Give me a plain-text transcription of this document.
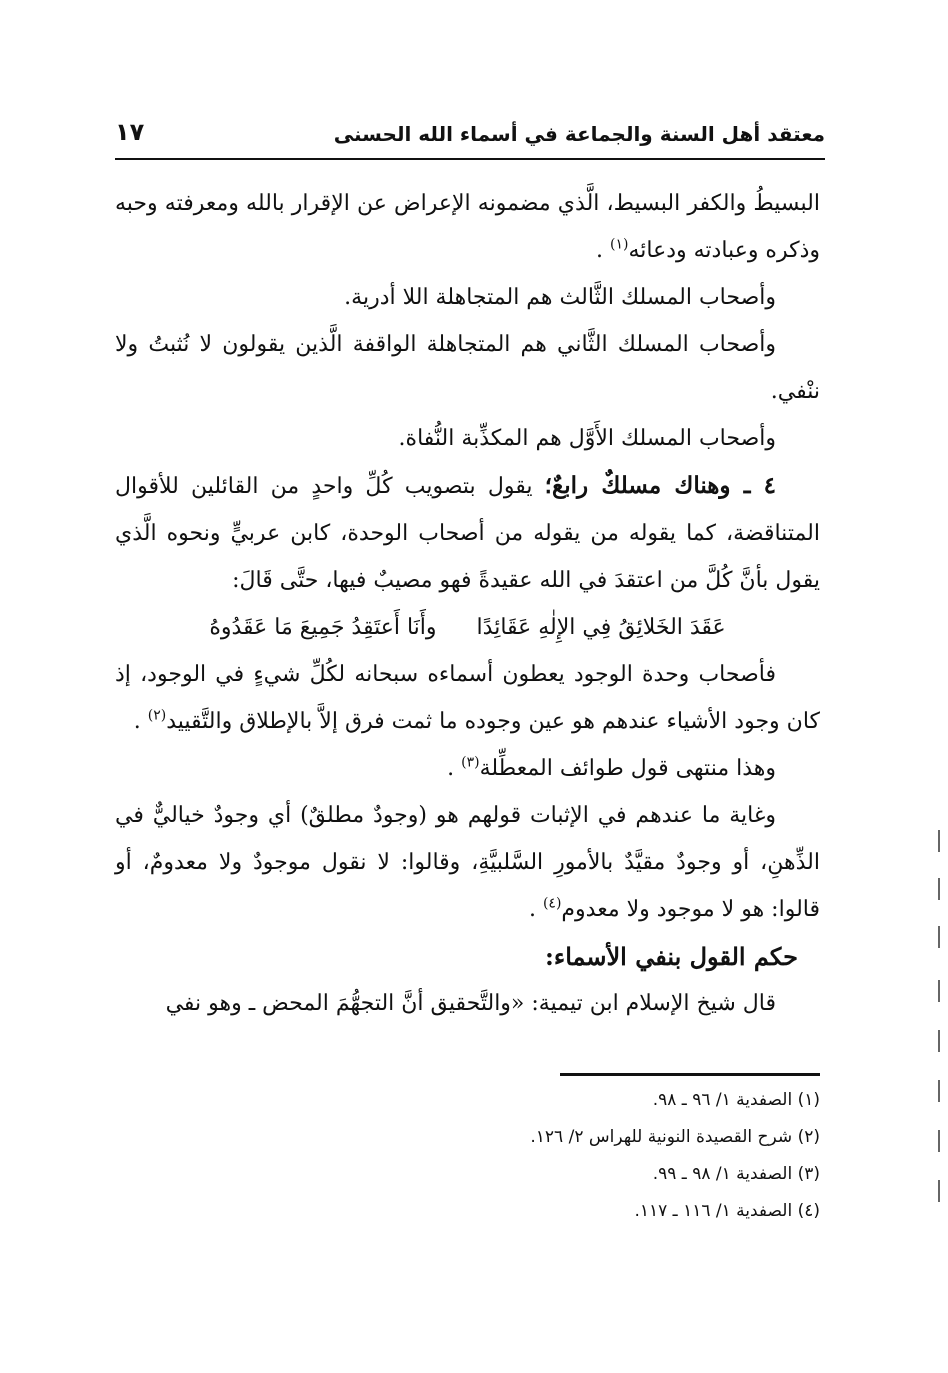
معتقد أهل السنة والجماعة في أسماء الله الحسنى
١٧

البسيطُ والكفر البسيط، الَّذي مضمونه الإعراض عن الإقرار بالله ومعرفته وحبه وذكره وعبادته ودعائه$^{(١)}$ .

وأصحاب المسلك الثَّالث هم المتجاهلة اللا أدرية.

وأصحاب المسلك الثَّاني هم المتجاهلة الواقفة الَّذين يقولون لا نُثبتُ ولا ننْفي.

وأصحاب المسلك الأَوَّل هم المكذِّبة النُّفاة.

٤ ـ وهناك مسلكٌ رابعٌ؛ يقول بتصويب كُلِّ واحدٍ من القائلين للأقوال المتناقضة، كما يقوله من يقوله من أصحاب الوحدة، كابن عربيٍّ ونحوه الَّذي يقول بأنَّ كُلَّ من اعتقدَ في الله عقيدةً فهو مصيبٌ فيها، حتَّى قَالَ:

عَقَدَ الخَلائِقُ فِي الإِلٰهِ عَقَائِدًا
وأَنَا أَعتَقِدُ جَمِيعَ مَا عَقَدُوهُ

فأصحاب وحدة الوجود يعطون أسماءه سبحانه لكُلِّ شيءٍ في الوجود، إذ كان وجود الأشياء عندهم هو عين وجوده ما ثمت فرق إلاَّ بالإطلاق والتَّقييد$^{(٢)}$ .

وهذا منتهى قول طوائف المعطِّلة$^{(٣)}$ .

وغاية ما عندهم في الإثبات قولهم هو (وجودٌ مطلقٌ) أي وجودٌ خياليٌّ في الذِّهنِ، أو وجودٌ مقيَّدٌ بالأمورِ السَّلبيَّةِ، وقالوا: لا نقول موجودٌ ولا معدومٌ، أو قالوا: هو لا موجود ولا معدوم$^{(٤)}$ .

حكم القول بنفي الأسماء:

قال شيخ الإسلام ابن تيمية: «والتَّحقيق أنَّ التجهُّمَ المحض ـ وهو نفي

(١) الصفدية ١/ ٩٦ ـ ٩٨.

(٢) شرح القصيدة النونية للهراس ٢/ ١٢٦.

(٣) الصفدية ١/ ٩٨ ـ ٩٩.

(٤) الصفدية ١/ ١١٦ ـ ١١٧.
